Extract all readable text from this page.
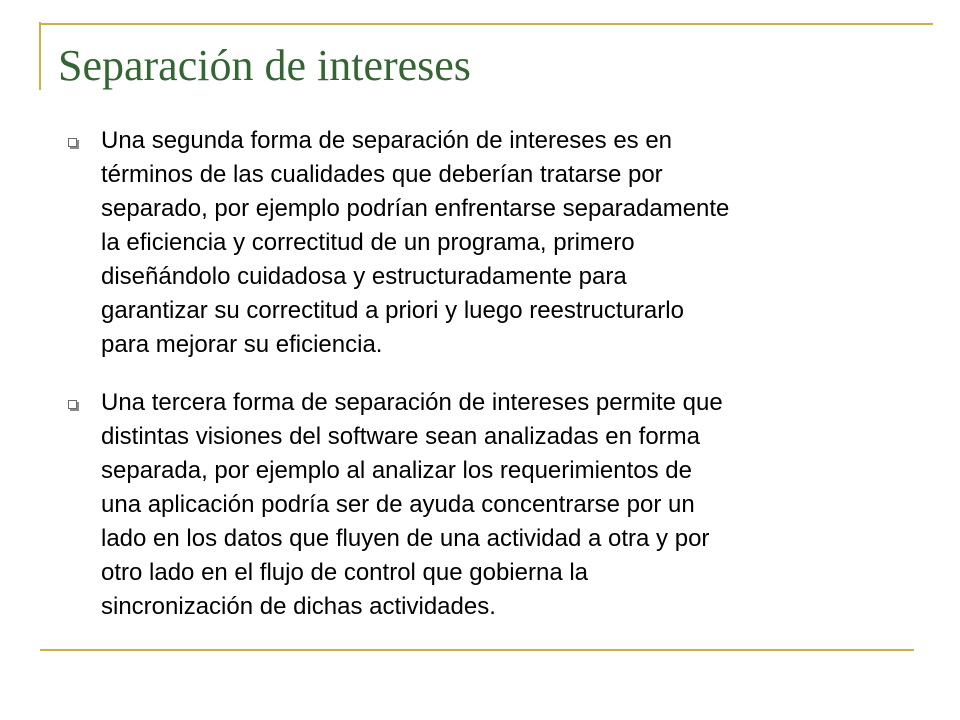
Separación de intereses
Una segunda forma de separación de intereses es en
términos de las cualidades que deberían tratarse por
separado, por ejemplo podrían enfrentarse separadamente
la eficiencia y correctitud de un programa, primero
diseñándolo cuidadosa y estructuradamente para
garantizar su correctitud a priori y luego reestructurarlo
para mejorar su eficiencia.
Una tercera forma de separación de intereses permite que
distintas visiones del software sean analizadas en forma
separada, por ejemplo al analizar los requerimientos de
una aplicación podría ser de ayuda concentrarse por un
lado en los datos que fluyen de una actividad a otra y por
otro lado en el flujo de control que gobierna la
sincronización de dichas actividades.
